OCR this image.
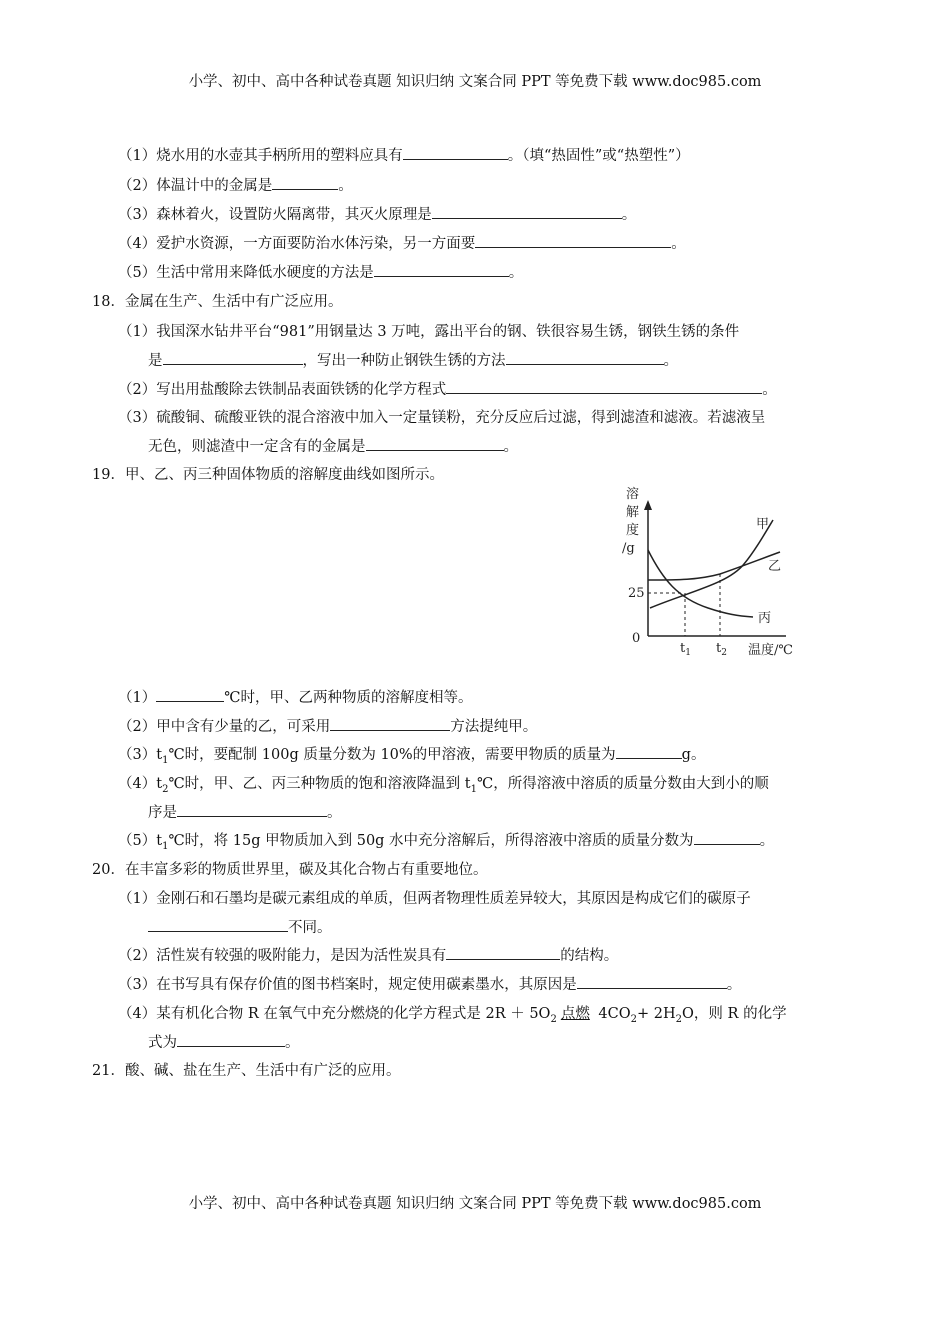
小学、初中、高中各种试卷真题 知识归纳 文案合同 PPT 等免费下载 www.doc985.com
（1）烧水用的水壶其手柄所用的塑料应具有	。（填“热固性”或“热塑性”）
（2）体温计中的金属是	。
（3）森林着火，设置防火隔离带，其灭火原理是	。
（4）爱护水资源，一方面要防治水体污染，另一方面要	。
（5）生活中常用来降低水硬度的方法是	。
18．金属在生产、生活中有广泛应用。
（1）我国深水钻井平台“981”用钢量达 3 万吨，露出平台的钢、铁很容易生锈，钢铁生锈的条件
是	，写出一种防止钢铁生锈的方法	。
（2）写出用盐酸除去铁制品表面铁锈的化学方程式	。
（3）硫酸铜、硫酸亚铁的混合溶液中加入一定量镁粉，充分反应后过滤，得到滤渣和滤液。若滤液呈
无色，则滤渣中一定含有的金属是	。
19．甲、乙、丙三种固体物质的溶解度曲线如图所示。
溶
解
度
/g
25
0
$t_1$ $t_2$ 温度/℃
甲
乙
丙
（1）	℃时，甲、乙两种物质的溶解度相等。
（2）甲中含有少量的乙，可采用	方法提纯甲。
$(3)t_1℃$时，要配制 100g 质量分数为 10%的甲溶液，需要甲物质的质量为	g。
$(4)t_2℃$时，甲、乙、丙三种物质的饱和溶液降温到 $t_1℃$，所得溶液中溶质的质量分数由大到小的顺
序是	。
$(5)t_1℃$时，将 15g 甲物质加入到 50g 水中充分溶解后，所得溶液中溶质的质量分数为	。
20．在丰富多彩的物质世界里，碳及其化合物占有重要地位。
（1）金刚石和石墨均是碳元素组成的单质，但两者物理性质差异较大，其原因是构成它们的碳原子
不同。
（2）活性炭有较强的吸附能力，是因为活性炭具有	的结构。
（3）在书写具有保存价值的图书档案时，规定使用碳素墨水，其原因是	。
（4）某有机化合物 R 在氧气中充分燃烧的化学方程式是 $2R + 5O_2$ 点燃 $4CO_2+ 2H_2O$，则 R 的化学
式为	。
21．酸、碱、盐在生产、生活中有广泛的应用。
小学、初中、高中各种试卷真题 知识归纳 文案合同 PPT 等免费下载 www.doc985.com
